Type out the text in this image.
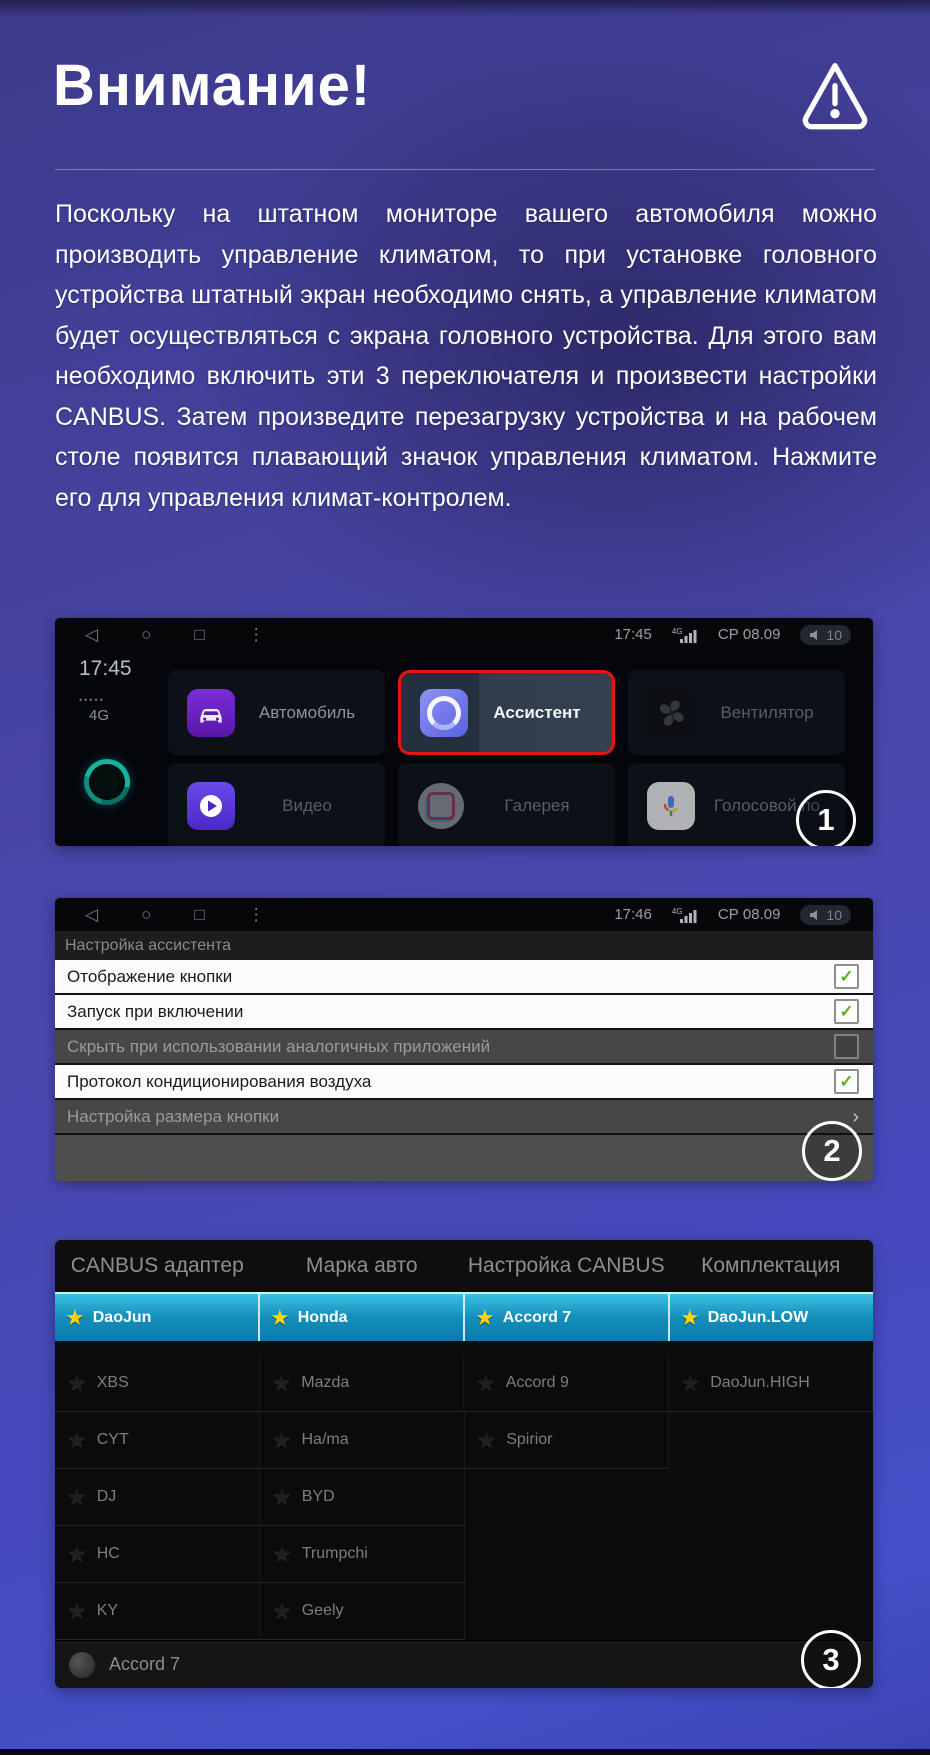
Внимание!
Поскольку на штатном мониторе вашего автомобиля можно производить управление климатом, то при установке головного устройства штатный экран необходимо снять, а управление климатом будет осуществляться с экрана головного устройства. Для этого вам необходимо включить эти 3 переключателя и произвести настройки CANBUS. Затем произведите перезагрузку устройства и на рабочем столе появится плавающий значок управления климатом. Нажмите его для управления климат-контролем.
◁	○	□	⋮	17:45	4G СР 08.09	10
17:45
•••••
4G	Автомобиль	Ассистент	Вентилятор
Видео	Галерея	Голосовой по
1
◁	○	□	⋮	17:46	4G СР 08.09	10
Настройка ассистента
Отображение кнопки	✓
Запуск при включении	✓
Скрыть при использовании аналогичных приложений
Протокол кондиционирования воздуха	✓
Настройка размера кнопки	›
2
CANBUS адаптер	Марка авто	Настройка CANBUS	Комплектация
★ DaoJun	★ Honda	★ Accord 7	★ DaoJun.LOW
★ XBS	★ Mazda	★ Accord 9	★ DaoJun.HIGH
★ CYT	★ Ha/ma	★ Spirior
★ DJ	★ BYD
★ HC	★ Trumpchi
★ KY	★ Geely
Accord 7	3
